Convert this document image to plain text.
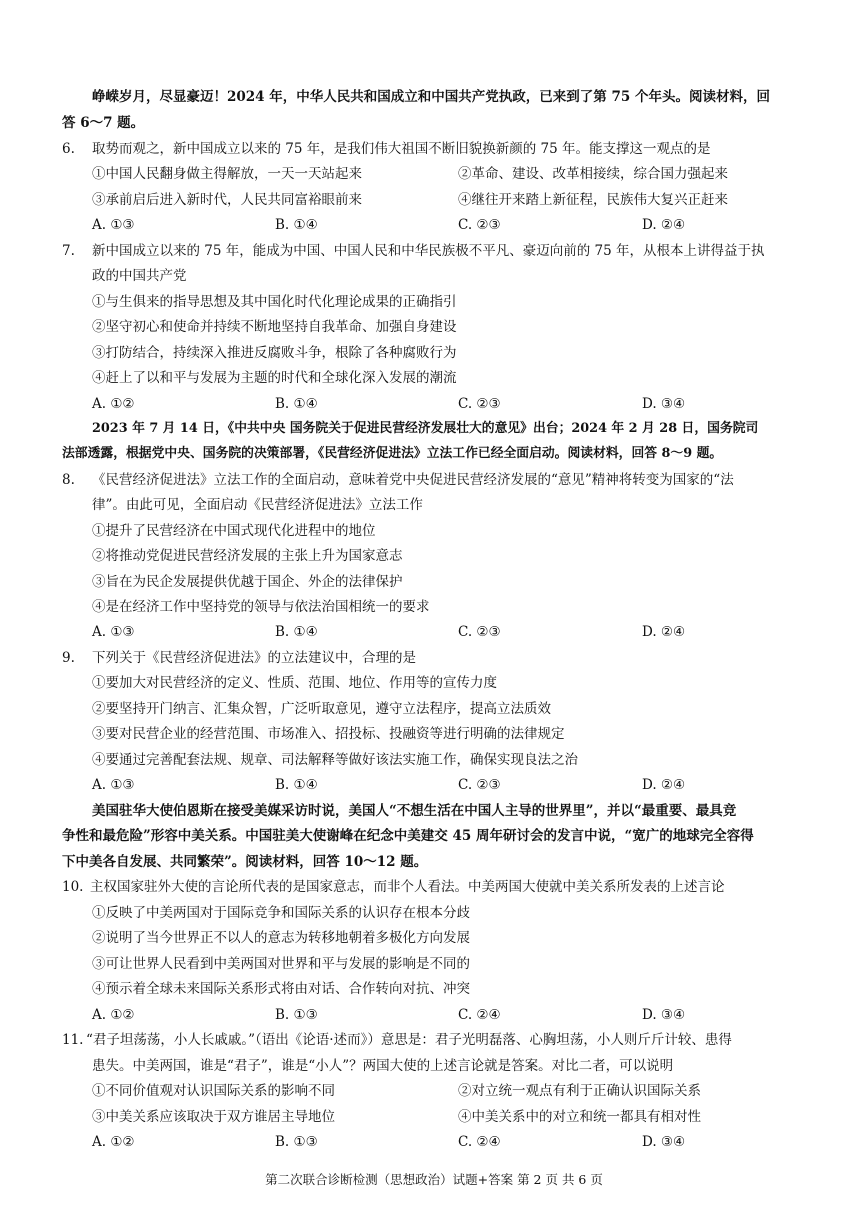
峥嵘岁月，尽显豪迈！2024 年，中华人民共和国成立和中国共产党执政，已来到了第 75 个年头。阅读材料，回
答 6～7 题。
6. 取势而观之，新中国成立以来的 75 年，是我们伟大祖国不断旧貌换新颜的 75 年。能支撑这一观点的是
①中国人民翻身做主得解放，一天一天站起来	②革命、建设、改革相接续，综合国力强起来
③承前启后进入新时代，人民共同富裕眼前来	④继往开来踏上新征程，民族伟大复兴正赶来
A. ①③	B. ①④	C. ②③	D. ②④
7. 新中国成立以来的 75 年，能成为中国、中国人民和中华民族极不平凡、豪迈向前的 75 年，从根本上讲得益于执
政的中国共产党
①与生俱来的指导思想及其中国化时代化理论成果的正确指引
②坚守初心和使命并持续不断地坚持自我革命、加强自身建设
③打防结合，持续深入推进反腐败斗争，根除了各种腐败行为
④赶上了以和平与发展为主题的时代和全球化深入发展的潮流
A. ①②	B. ①④	C. ②③	D. ③④
2023 年 7 月 14 日，《中共中央 国务院关于促进民营经济发展壮大的意见》出台；2024 年 2 月 28 日，国务院司
法部透露，根据党中央、国务院的决策部署，《民营经济促进法》立法工作已经全面启动。阅读材料，回答 8～9 题。
8. 《民营经济促进法》立法工作的全面启动，意味着党中央促进民营经济发展的“意见”精神将转变为国家的“法
律”。由此可见，全面启动《民营经济促进法》立法工作
①提升了民营经济在中国式现代化进程中的地位
②将推动党促进民营经济发展的主张上升为国家意志
③旨在为民企发展提供优越于国企、外企的法律保护
④是在经济工作中坚持党的领导与依法治国相统一的要求
A. ①③	B. ①④	C. ②③	D. ②④
9. 下列关于《民营经济促进法》的立法建议中，合理的是
①要加大对民营经济的定义、性质、范围、地位、作用等的宣传力度
②要坚持开门纳言、汇集众智，广泛听取意见，遵守立法程序，提高立法质效
③要对民营企业的经营范围、市场准入、招投标、投融资等进行明确的法律规定
④要通过完善配套法规、规章、司法解释等做好该法实施工作，确保实现良法之治
A. ①③	B. ①④	C. ②③	D. ②④
美国驻华大使伯恩斯在接受美媒采访时说，美国人“不想生活在中国人主导的世界里”，并以“最重要、最具竞
争性和最危险”形容中美关系。中国驻美大使谢峰在纪念中美建交 45 周年研讨会的发言中说，“宽广的地球完全容得
下中美各自发展、共同繁荣”。阅读材料，回答 10～12 题。
10. 主权国家驻外大使的言论所代表的是国家意志，而非个人看法。中美两国大使就中美关系所发表的上述言论
①反映了中美两国对于国际竞争和国际关系的认识存在根本分歧
②说明了当今世界正不以人的意志为转移地朝着多极化方向发展
③可让世界人民看到中美两国对世界和平与发展的影响是不同的
④预示着全球未来国际关系形式将由对话、合作转向对抗、冲突
A. ①②	B. ①③	C. ②④	D. ③④
11. “君子坦荡荡，小人长戚戚。”（语出《论语·述而》）意思是：君子光明磊落、心胸坦荡，小人则斤斤计较、患得
患失。中美两国，谁是“君子”，谁是“小人”？两国大使的上述言论就是答案。对比二者，可以说明
①不同价值观对认识国际关系的影响不同	②对立统一观点有利于正确认识国际关系
③中美关系应该取决于双方谁居主导地位	④中美关系中的对立和统一都具有相对性
A. ①②	B. ①③	C. ②④	D. ③④
第二次联合诊断检测（思想政治）试题+答案 第 2 页 共 6 页
